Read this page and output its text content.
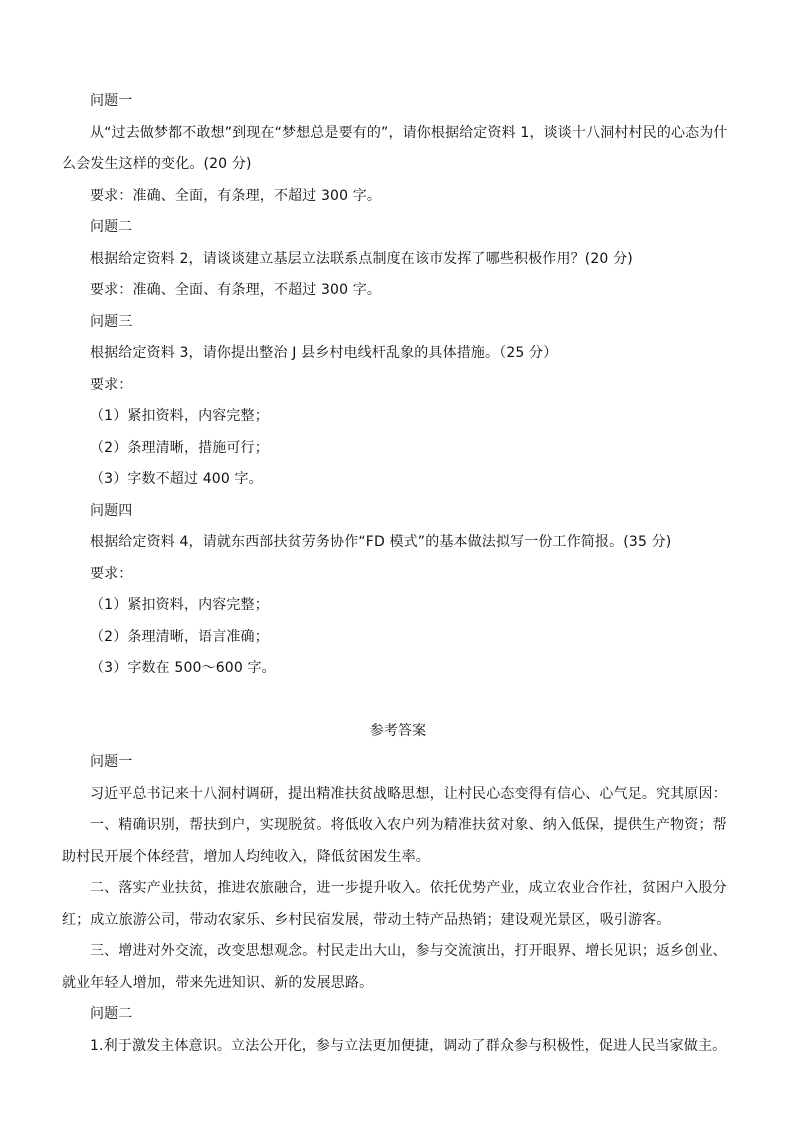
问题一

从“过去做梦都不敢想”到现在“梦想总是要有的”，请你根据给定资料 1，谈谈十八洞村村民的心态为什么会发生这样的变化。(20 分)

要求：准确、全面，有条理，不超过 300 字。

问题二

根据给定资料 2，请谈谈建立基层立法联系点制度在该市发挥了哪些积极作用？(20 分)

要求：准确、全面、有条理，不超过 300 字。

问题三

根据给定资料 3，请你提出整治 J 县乡村电线杆乱象的具体措施。（25 分）

要求：

（1）紧扣资料，内容完整；

（2）条理清晰，措施可行；

（3）字数不超过 400 字。

问题四

根据给定资料 4，请就东西部扶贫劳务协作“FD 模式”的基本做法拟写一份工作简报。(35 分)

要求：

（1）紧扣资料，内容完整；

（2）条理清晰，语言准确；

（3）字数在 500～600 字。

参考答案

问题一

习近平总书记来十八洞村调研，提出精准扶贫战略思想，让村民心态变得有信心、心气足。究其原因：

一、精确识别，帮扶到户，实现脱贫。将低收入农户列为精准扶贫对象、纳入低保，提供生产物资；帮助村民开展个体经营，增加人均纯收入，降低贫困发生率。

二、落实产业扶贫，推进农旅融合，进一步提升收入。依托优势产业，成立农业合作社，贫困户入股分红；成立旅游公司，带动农家乐、乡村民宿发展，带动土特产品热销；建设观光景区，吸引游客。

三、增进对外交流，改变思想观念。村民走出大山，参与交流演出，打开眼界、增长见识；返乡创业、就业年轻人增加，带来先进知识、新的发展思路。

问题二

1.利于激发主体意识。立法公开化，参与立法更加便捷，调动了群众参与积极性，促进人民当家做主。
